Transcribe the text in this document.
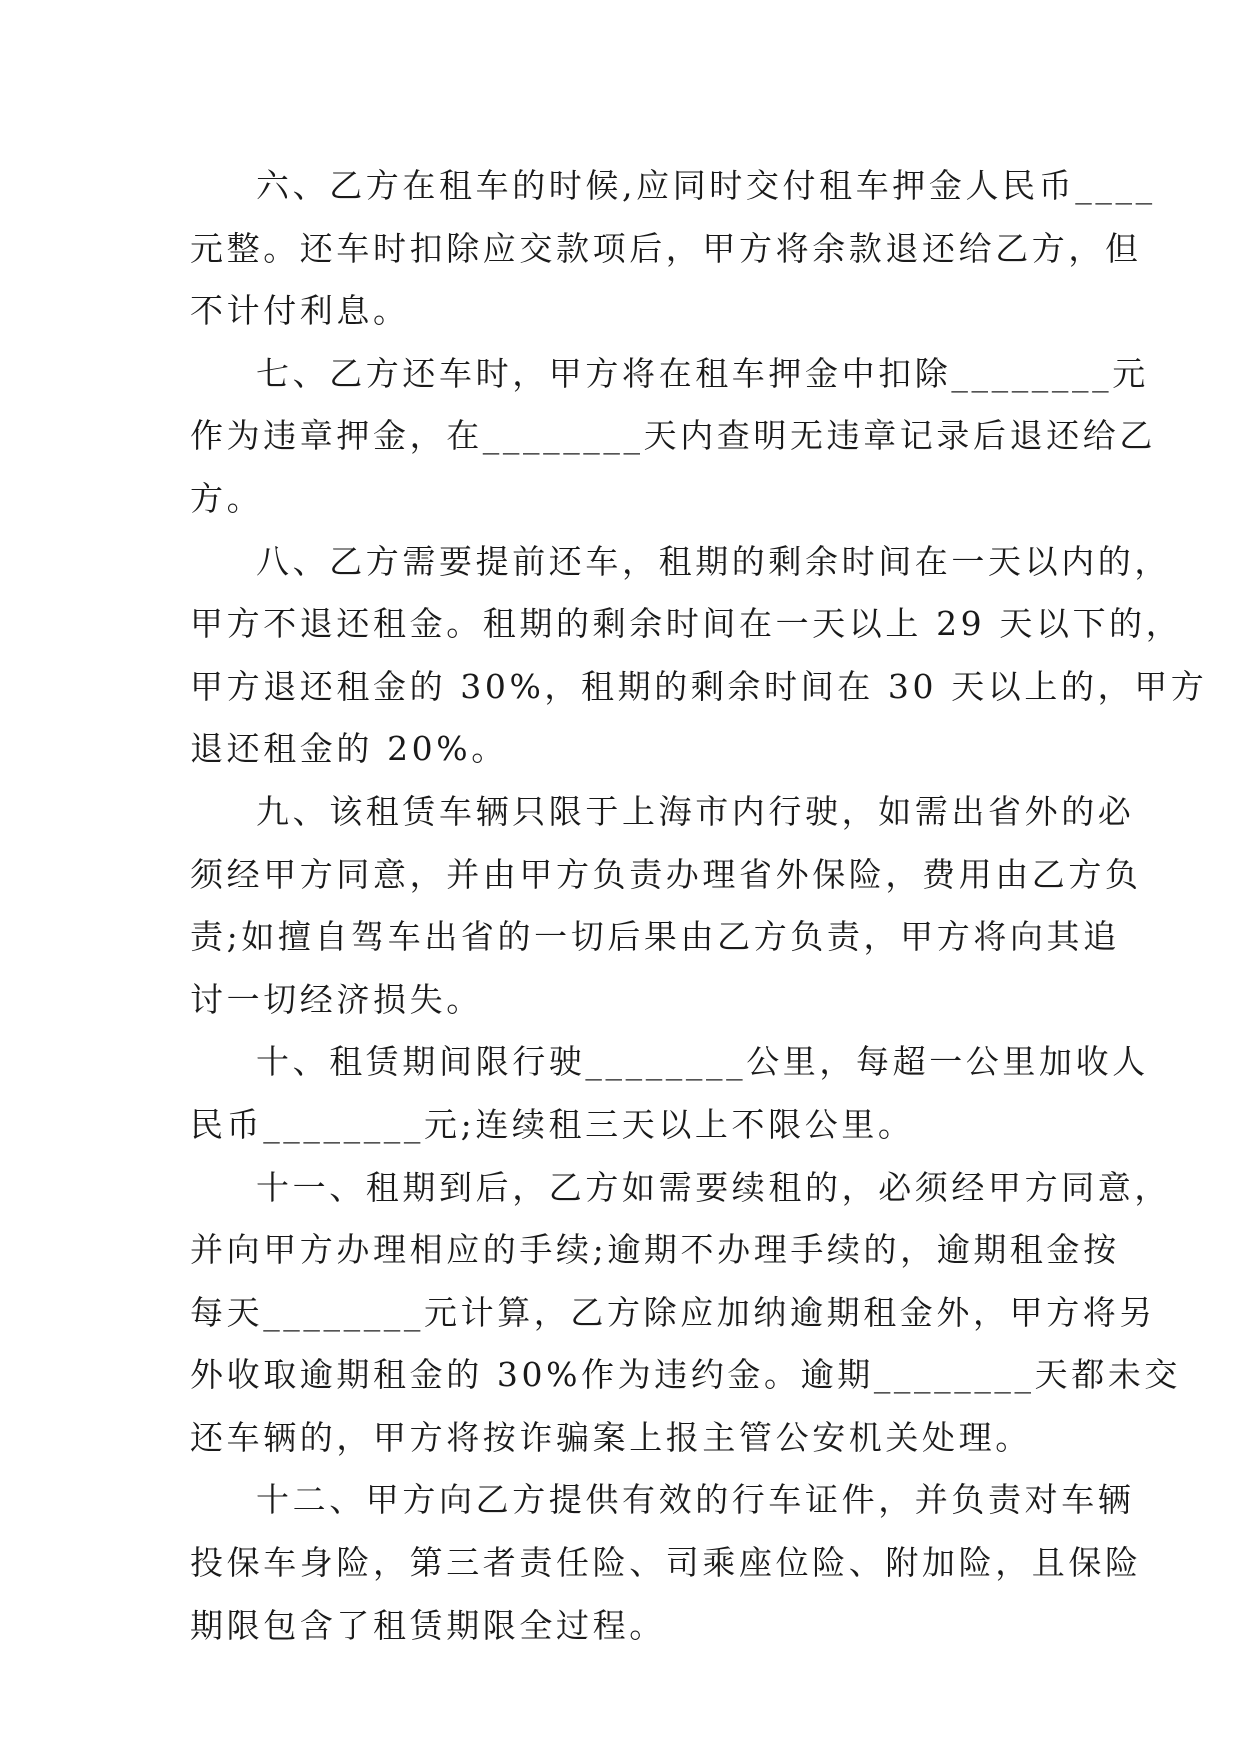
六、乙方在租车的时候,应同时交付租车押金人民币____
元整。还车时扣除应交款项后，甲方将余款退还给乙方，但
不计付利息。
七、乙方还车时，甲方将在租车押金中扣除________元
作为违章押金，在________天内查明无违章记录后退还给乙
方。
八、乙方需要提前还车，租期的剩余时间在一天以内的，
甲方不退还租金。租期的剩余时间在一天以上 29 天以下的，
甲方退还租金的 30%，租期的剩余时间在 30 天以上的，甲方
退还租金的 20%。
九、该租赁车辆只限于上海市内行驶，如需出省外的必
须经甲方同意，并由甲方负责办理省外保险，费用由乙方负
责;如擅自驾车出省的一切后果由乙方负责，甲方将向其追
讨一切经济损失。
十、租赁期间限行驶________公里，每超一公里加收人
民币________元;连续租三天以上不限公里。
十一、租期到后，乙方如需要续租的，必须经甲方同意，
并向甲方办理相应的手续;逾期不办理手续的，逾期租金按
每天________元计算，乙方除应加纳逾期租金外，甲方将另
外收取逾期租金的 30%作为违约金。逾期________天都未交
还车辆的，甲方将按诈骗案上报主管公安机关处理。
十二、甲方向乙方提供有效的行车证件，并负责对车辆
投保车身险，第三者责任险、司乘座位险、附加险，且保险
期限包含了租赁期限全过程。
